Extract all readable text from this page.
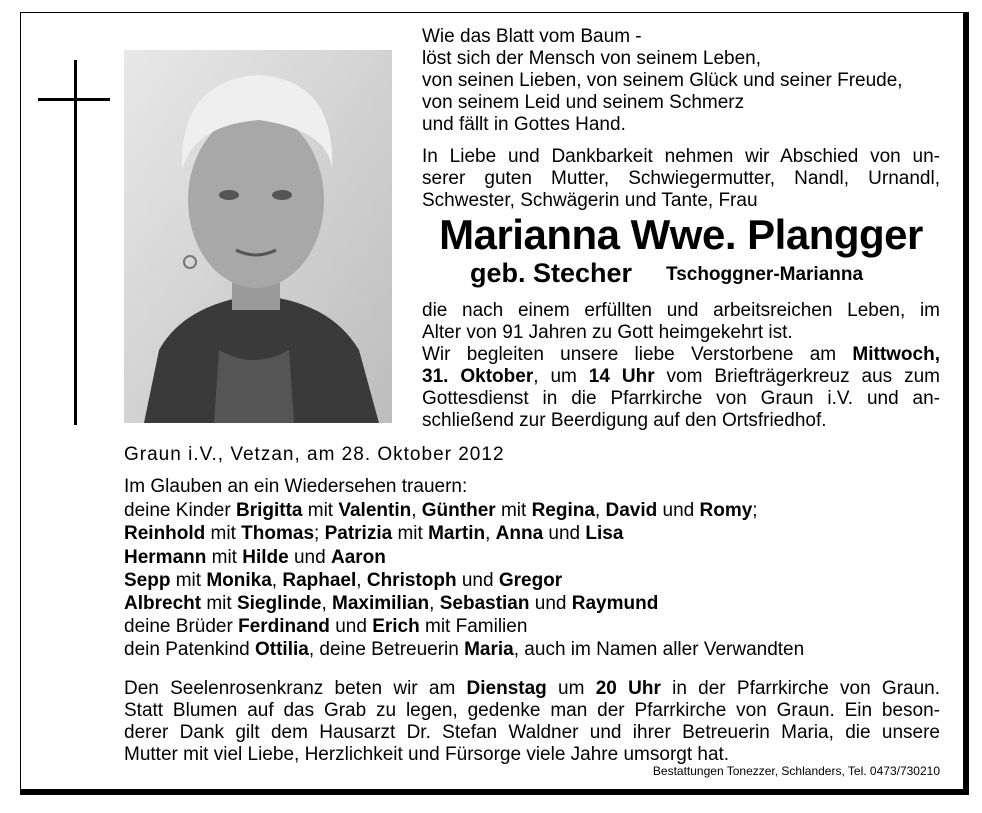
Wie das Blatt vom Baum -
löst sich der Mensch von seinem Leben,
von seinen Lieben, von seinem Glück und seiner Freude,
von seinem Leid und seinem Schmerz
und fällt in Gottes Hand.
In Liebe und Dankbarkeit nehmen wir Abschied von un-
serer guten Mutter, Schwiegermutter, Nandl, Urnandl,
Schwester, Schwägerin und Tante, Frau
Marianna Wwe. Plangger
geb. Stecher Tschoggner-Marianna
die nach einem erfüllten und arbeitsreichen Leben, im
Alter von 91 Jahren zu Gott heimgekehrt ist.
Wir begleiten unsere liebe Verstorbene am Mittwoch,
31. Oktober, um 14 Uhr vom Briefträgerkreuz aus zum
Gottesdienst in die Pfarrkirche von Graun i.V. und an-
schließend zur Beerdigung auf den Ortsfriedhof.
Graun i.V., Vetzan, am 28. Oktober 2012
Im Glauben an ein Wiedersehen trauern:
deine Kinder Brigitta mit Valentin, Günther mit Regina, David und Romy;
Reinhold mit Thomas; Patrizia mit Martin, Anna und Lisa
Hermann mit Hilde und Aaron
Sepp mit Monika, Raphael, Christoph und Gregor
Albrecht mit Sieglinde, Maximilian, Sebastian und Raymund
deine Brüder Ferdinand und Erich mit Familien
dein Patenkind Ottilia, deine Betreuerin Maria, auch im Namen aller Verwandten
Den Seelenrosenkranz beten wir am Dienstag um 20 Uhr in der Pfarrkirche von Graun.
Statt Blumen auf das Grab zu legen, gedenke man der Pfarrkirche von Graun. Ein beson-
derer Dank gilt dem Hausarzt Dr. Stefan Waldner und ihrer Betreuerin Maria, die unsere
Mutter mit viel Liebe, Herzlichkeit und Fürsorge viele Jahre umsorgt hat.
Bestattungen Tonezzer, Schlanders, Tel. 0473/730210
